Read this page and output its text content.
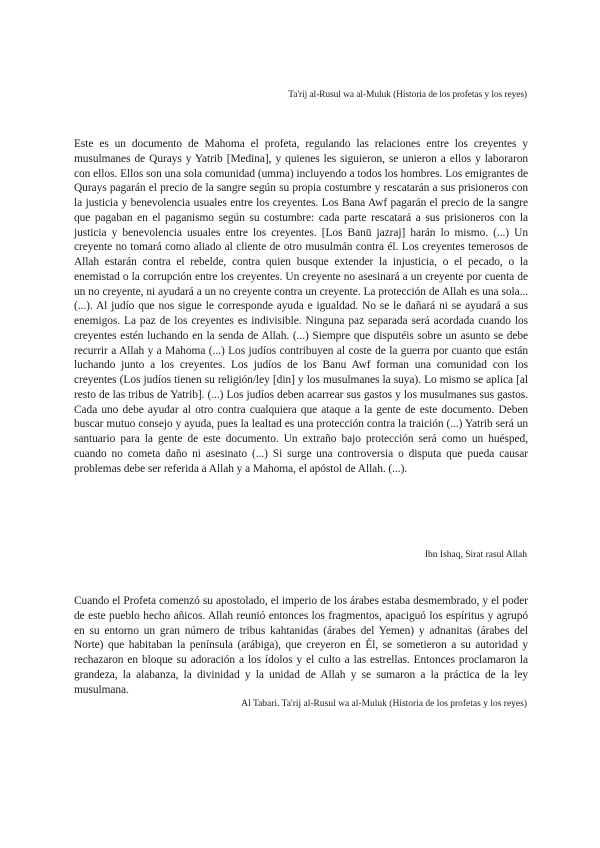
Ta'rij al-Rusul wa al-Muluk (Historia de los profetas y los reyes)

Este es un documento de Mahoma el profeta, regulando las relaciones entre los creyentes y musulmanes de Qurays y Yatrib [Medina], y quienes les siguieron, se unieron a ellos y laboraron con ellos. Ellos son una sola comunidad (umma) incluyendo a todos los hombres. Los emigrantes de Qurays pagarán el precio de la sangre según su propia costumbre y rescatarán a sus prisioneros con la justicia y benevolencia usuales entre los creyentes. Los Bana Awf pagarán el precio de la sangre que pagaban en el paganismo según su costumbre: cada parte rescatará a sus prisioneros con la justicia y benevolencia usuales entre los creyentes. [Los Banū jazraj] harán lo mismo. (...) Un creyente no tomará como aliado al cliente de otro musulmán contra él. Los creyentes temerosos de Allah estarán contra el rebelde, contra quien busque extender la injusticia, o el pecado, o la enemistad o la corrupción entre los creyentes. Un creyente no asesinará a un creyente por cuenta de un no creyente, ni ayudará a un no creyente contra un creyente. La protección de Allah es una sola... (...). Al judío que nos sigue le corresponde ayuda e igualdad. No se le dañará ni se ayudará a sus enemigos. La paz de los creyentes es indivisible. Ninguna paz separada será acordada cuando los creyentes estén luchando en la senda de Allah. (...) Siempre que disputéis sobre un asunto se debe recurrir a Allah y a Mahoma (...) Los judíos contribuyen al coste de la guerra por cuanto que están luchando junto a los creyentes. Los judíos de los Banu Awf forman una comunidad con los creyentes (Los judíos tienen su religión/ley [din] y los musulmanes la suya). Lo mismo se aplica [al resto de las tribus de Yatrib]. (...) Los judíos deben acarrear sus gastos y los musulmanes sus gastos. Cada uno debe ayudar al otro contra cualquiera que ataque a la gente de este documento. Deben buscar mutuo consejo y ayuda, pues la lealtad es una protección contra la traición (...) Yatrib será un santuario para la gente de este documento. Un extraño bajo protección será como un huésped, cuando no cometa daño ni asesinato (...) Si surge una controversia o disputa que pueda causar problemas debe ser referida a Allah y a Mahoma, el apóstol de Allah. (...).

Ibn Ishaq, Sirat rasul Allah

Cuando el Profeta comenzó su apostolado, el imperio de los árabes estaba desmembrado, y el poder de este pueblo hecho añicos. Allah reunió entonces los fragmentos, apaciguó los espíritus y agrupó en su entorno un gran número de tribus kahtanidas (árabes del Yemen) y adnanitas (árabes del Norte) que habitaban la península (arábiga), que creyeron en Él, se sometieron a su autoridad y rechazaron en bloque su adoración a los ídolos y el culto a las estrellas. Entonces proclamaron la grandeza, la alabanza, la divinidad y la unidad de Allah y se sumaron a la práctica de la ley musulmana.

Al Tabari. Ta'rij al-Rusul wa al-Muluk (Historia de los profetas y los reyes)
